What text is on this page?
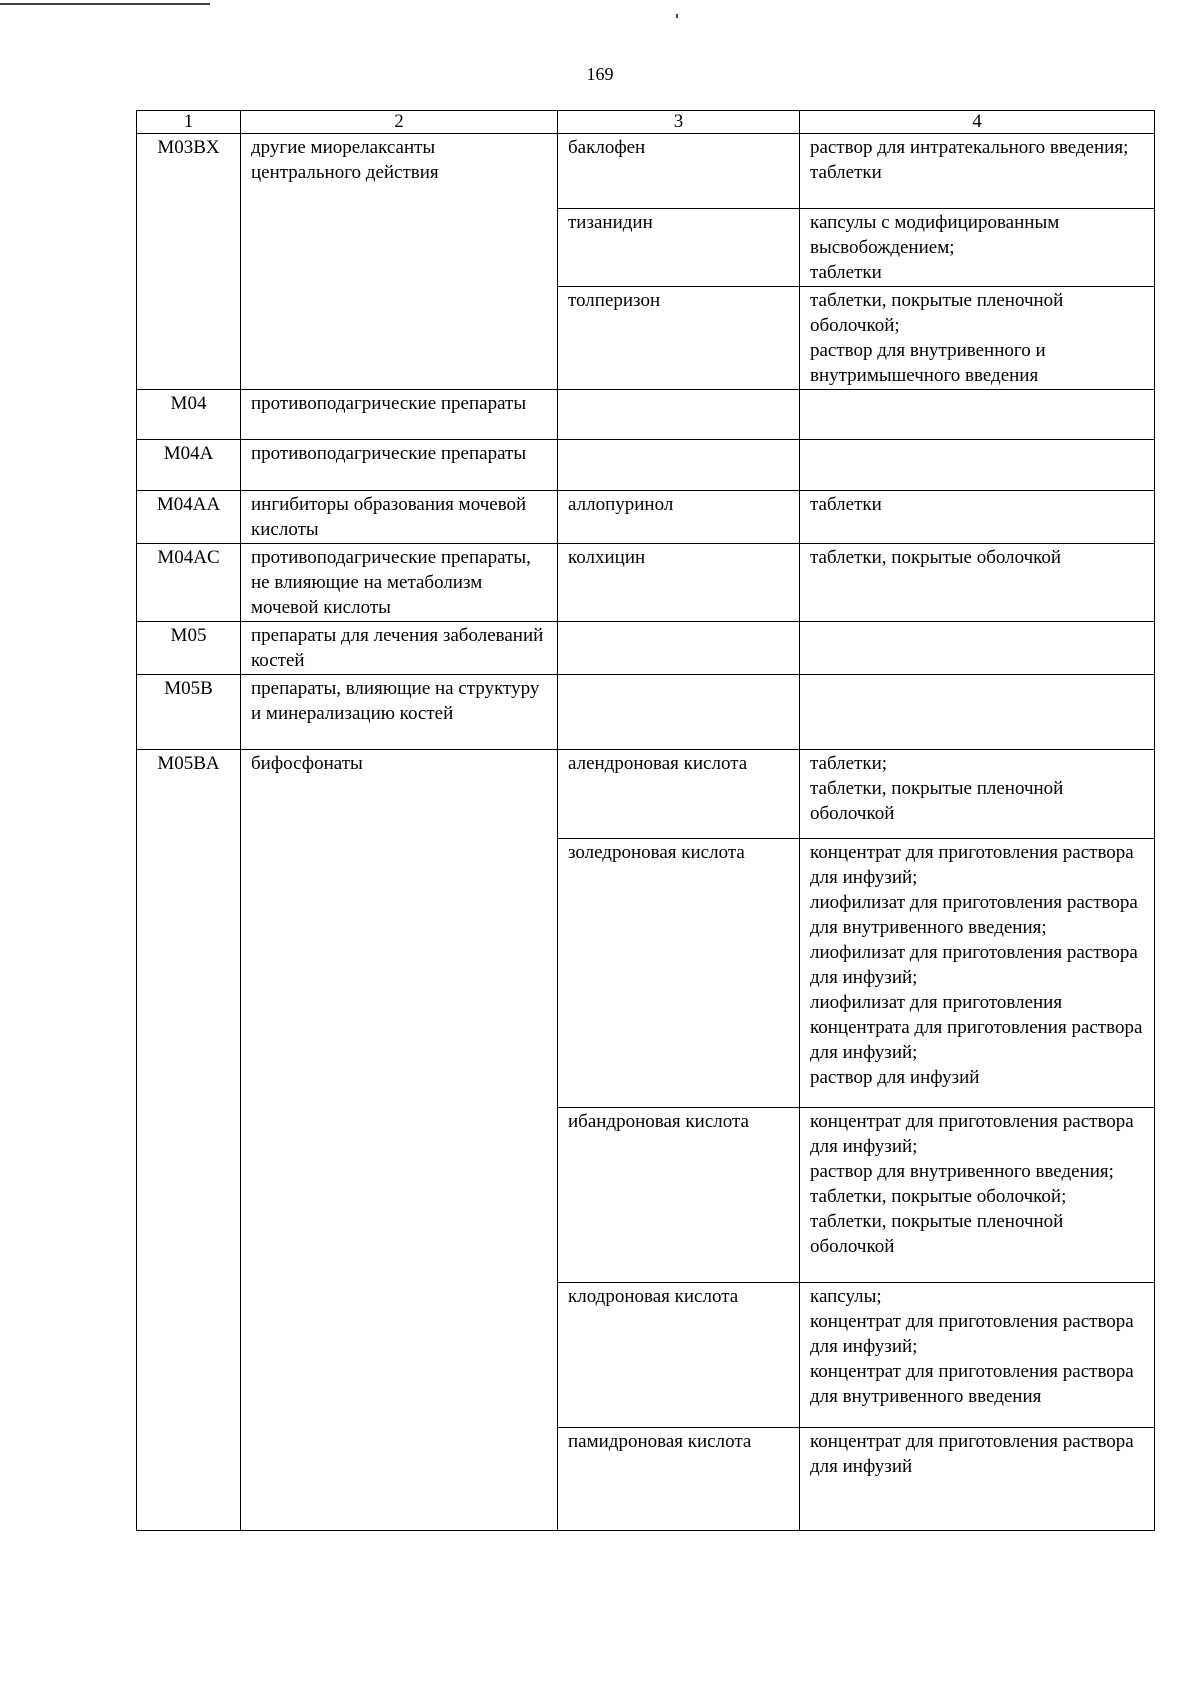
169
1	2	3	4
M03BX	другие миорелаксанты центрального действия	баклофен	раствор для интратекального введения;
таблетки

		тизанидин	капсулы с модифицированным высвобождением;
таблетки

		толперизон	таблетки, покрытые пленочной оболочкой;
раствор для внутривенного и внутримышечного введения

M04	противоподагрические препараты		
M04A	противоподагрические препараты		
M04AA	ингибиторы образования мочевой кислоты	аллопуринол	таблетки

M04AC	противоподагрические препараты, не влияющие на метаболизм мочевой кислоты	колхицин	таблетки, покрытые оболочкой

M05	препараты для лечения заболеваний костей		
M05B	препараты, влияющие на структуру и минерализацию костей		
M05BA	бифосфонаты	алендроновая кислота	таблетки;
таблетки, покрытые пленочной оболочкой

		золедроновая кислота	концентрат для приготовления раствора для инфузий;
лиофилизат для приготовления раствора для внутривенного введения;
лиофилизат для приготовления раствора для инфузий;
лиофилизат для приготовления концентрата для приготовления раствора для инфузий;
раствор для инфузий

		ибандроновая кислота	концентрат для приготовления раствора для инфузий;
раствор для внутривенного введения;
таблетки, покрытые оболочкой;
таблетки, покрытые пленочной оболочкой

		клодроновая кислота	капсулы;
концентрат для приготовления раствора для инфузий;
концентрат для приготовления раствора для внутривенного введения

		памидроновая кислота	концентрат для приготовления раствора для инфузий
